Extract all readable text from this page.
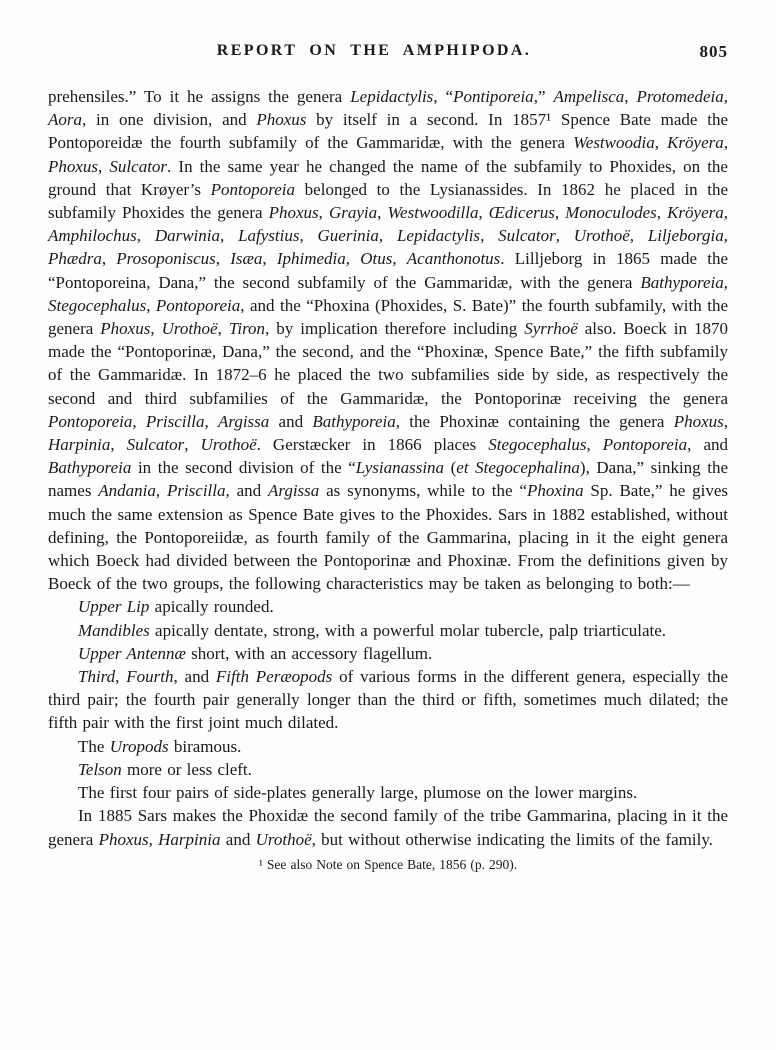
REPORT ON THE AMPHIPODA.	805

prehensiles.” To it he assigns the genera Lepidactylis, “Pontiporeia,” Ampelisca, Protomedeia, Aora, in one division, and Phoxus by itself in a second. In 1857¹ Spence Bate made the Pontoporeidæ the fourth subfamily of the Gammaridæ, with the genera Westwoodia, Kröyera, Phoxus, Sulcator. In the same year he changed the name of the subfamily to Phoxides, on the ground that Krøyer’s Pontoporeia belonged to the Lysianassides. In 1862 he placed in the subfamily Phoxides the genera Phoxus, Grayia, Westwoodilla, Œdicerus, Monoculodes, Kröyera, Amphilochus, Darwinia, Lafystius, Guerinia, Lepidactylis, Sulcator, Urothoë, Liljeborgia, Phædra, Prosoponiscus, Isæa, Iphimedia, Otus, Acanthonotus. Lilljeborg in 1865 made the “Pontoporeina, Dana,” the second subfamily of the Gammaridæ, with the genera Bathyporeia, Stegocephalus, Pontoporeia, and the “Phoxina (Phoxides, S. Bate)” the fourth subfamily, with the genera Phoxus, Urothoë, Tiron, by implication therefore including Syrrhoë also. Boeck in 1870 made the “Pontoporinæ, Dana,” the second, and the “Phoxinæ, Spence Bate,” the fifth subfamily of the Gammaridæ. In 1872–6 he placed the two subfamilies side by side, as respectively the second and third subfamilies of the Gammaridæ, the Pontoporinæ receiving the genera Pontoporeia, Priscilla, Argissa and Bathyporeia, the Phoxinæ containing the genera Phoxus, Harpinia, Sulcator, Urothoë. Gerstæcker in 1866 places Stegocephalus, Pontoporeia, and Bathyporeia in the second division of the “Lysianassina (et Stegocephalina), Dana,” sinking the names Andania, Priscilla, and Argissa as synonyms, while to the “Phoxina Sp. Bate,” he gives much the same extension as Spence Bate gives to the Phoxides. Sars in 1882 established, without defining, the Pontoporeiidæ, as fourth family of the Gammarina, placing in it the eight genera which Boeck had divided between the Pontoporinæ and Phoxinæ. From the definitions given by Boeck of the two groups, the following characteristics may be taken as belonging to both:—

Upper Lip apically rounded.

Mandibles apically dentate, strong, with a powerful molar tubercle, palp triarticulate.

Upper Antennæ short, with an accessory flagellum.

Third, Fourth, and Fifth Peræopods of various forms in the different genera, especially the third pair; the fourth pair generally longer than the third or fifth, sometimes much dilated; the fifth pair with the first joint much dilated.

The Uropods biramous.

Telson more or less cleft.

The first four pairs of side-plates generally large, plumose on the lower margins.

In 1885 Sars makes the Phoxidæ the second family of the tribe Gammarina, placing in it the genera Phoxus, Harpinia and Urothoë, but without otherwise indicating the limits of the family.

¹ See also Note on Spence Bate, 1856 (p. 290).
